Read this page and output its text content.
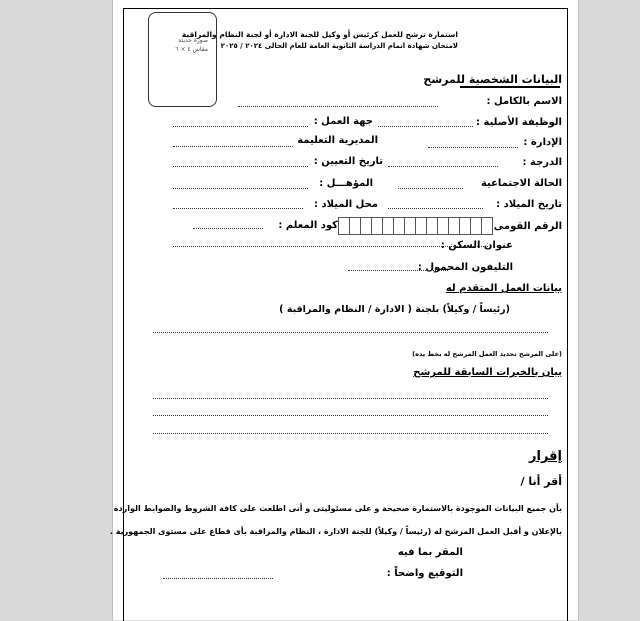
استمارة ترشح للعمل كرئيس أو وكيل للجنة الادارة أو لجنة النظام والمراقبة
لامتحان شهادة اتمام الدراسة الثانوية العامة للعام الحالى ٢٠٢٤ / ٢٠٢٥
صورة حديثة
مقاس ٤ × ٦
البيانات الشخصية للمرشح
الاسم بالكامل :
الوظيفة الأصلية :
جهة العمل :
الإدارة :
المديرية التعليمة
الدرجة :
تاريخ التعيين :
الحالة الاجتماعية
المؤهـــل :
تاريخ الميلاد :
محل الميلاد :
الرقم القومى
كود المعلم :
عنوان السكن :
التليفون المحمول :
بيانات العمل المتقدم له
(رئيساً / وكيلاً) بلجنة ( الادارة / النظام والمراقبة )
(على المرشح تحديد العمل المرشح له بخط يده)
بيان بالخبرات السابقة للمرشح
إقرار
أقر أنا /
بأن جميع البيانات الموجودة بالاستمارة صحيحة و على مسئوليتى و أنى اطلعت على كافة الشروط والضوابط الواردة
بالإعلان و أقبل العمل المرشح له (رئيساً / وكيلاً) للجنة الادارة ، النظام والمراقبة بأى قطاع على مستوى الجمهورية .
المقر بما فيه
التوقيع واضحاً :
